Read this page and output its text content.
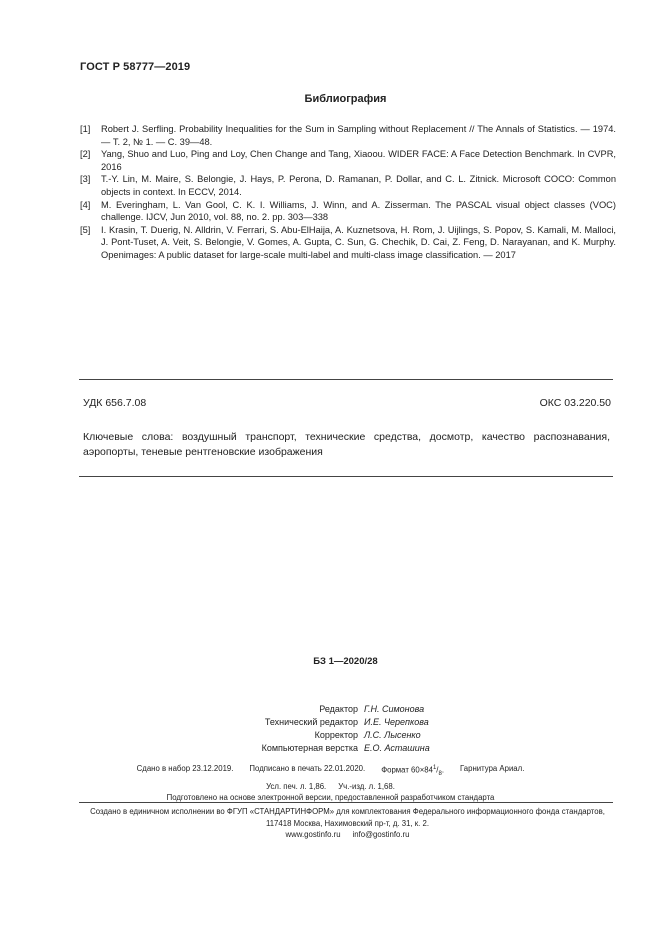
ГОСТ Р 58777—2019
Библиография
[1]	Robert J. Serfling. Probability Inequalities for the Sum in Sampling without Replacement // The Annals of Statistics. — 1974. — Т. 2, № 1. — С. 39—48.
[2]	Yang, Shuo and Luo, Ping and Loy, Chen Change and Tang, Xiaoou. WIDER FACE: A Face Detection Benchmark. In CVPR, 2016
[3]	T.-Y. Lin, M. Maire, S. Belongie, J. Hays, P. Perona, D. Ramanan, P. Dollar, and C. L. Zitnick. Microsoft COCO: Common objects in context. In ECCV, 2014.
[4]	M. Everingham, L. Van Gool, C. K. I. Williams, J. Winn, and A. Zisserman. The PASCAL visual object classes (VOC) challenge. IJCV, Jun 2010, vol. 88, no. 2. pp. 303—338
[5]	I. Krasin, T. Duerig, N. Alldrin, V. Ferrari, S. Abu-ElHaija, A. Kuznetsova, H. Rom, J. Uijlings, S. Popov, S. Kamali, M. Malloci, J. Pont-Tuset, A. Veit, S. Belongie, V. Gomes, A. Gupta, C. Sun, G. Chechik, D. Cai, Z. Feng, D. Narayanan, and K. Murphy. Openimages: A public dataset for large-scale multi-label and multi-class image classification. — 2017
УДК 656.7.08	ОКС 03.220.50
Ключевые слова: воздушный транспорт, технические средства, досмотр, качество распознавания, аэропорты, теневые рентгеновские изображения
БЗ 1—2020/28
Редактор Г.Н. Симонова
Технический редактор И.Е. Черепкова
Корректор Л.С. Лысенко
Компьютерная верстка Е.О. Асташина
Сдано в набор 23.12.2019. Подписано в печать 22.01.2020. Формат $60\times 84^1/_8$. Гарнитура Ариал.
Усл. печ. л. 1,86. Уч.-изд. л. 1,68.
Подготовлено на основе электронной версии, предоставленной разработчиком стандарта
Создано в единичном исполнении во ФГУП «СТАНДАРТИНФОРМ» для комплектования Федерального информационного фонда стандартов, 117418 Москва, Нахимовский пр-т, д. 31, к. 2.
www.gostinfo.ru info@gostinfo.ru
